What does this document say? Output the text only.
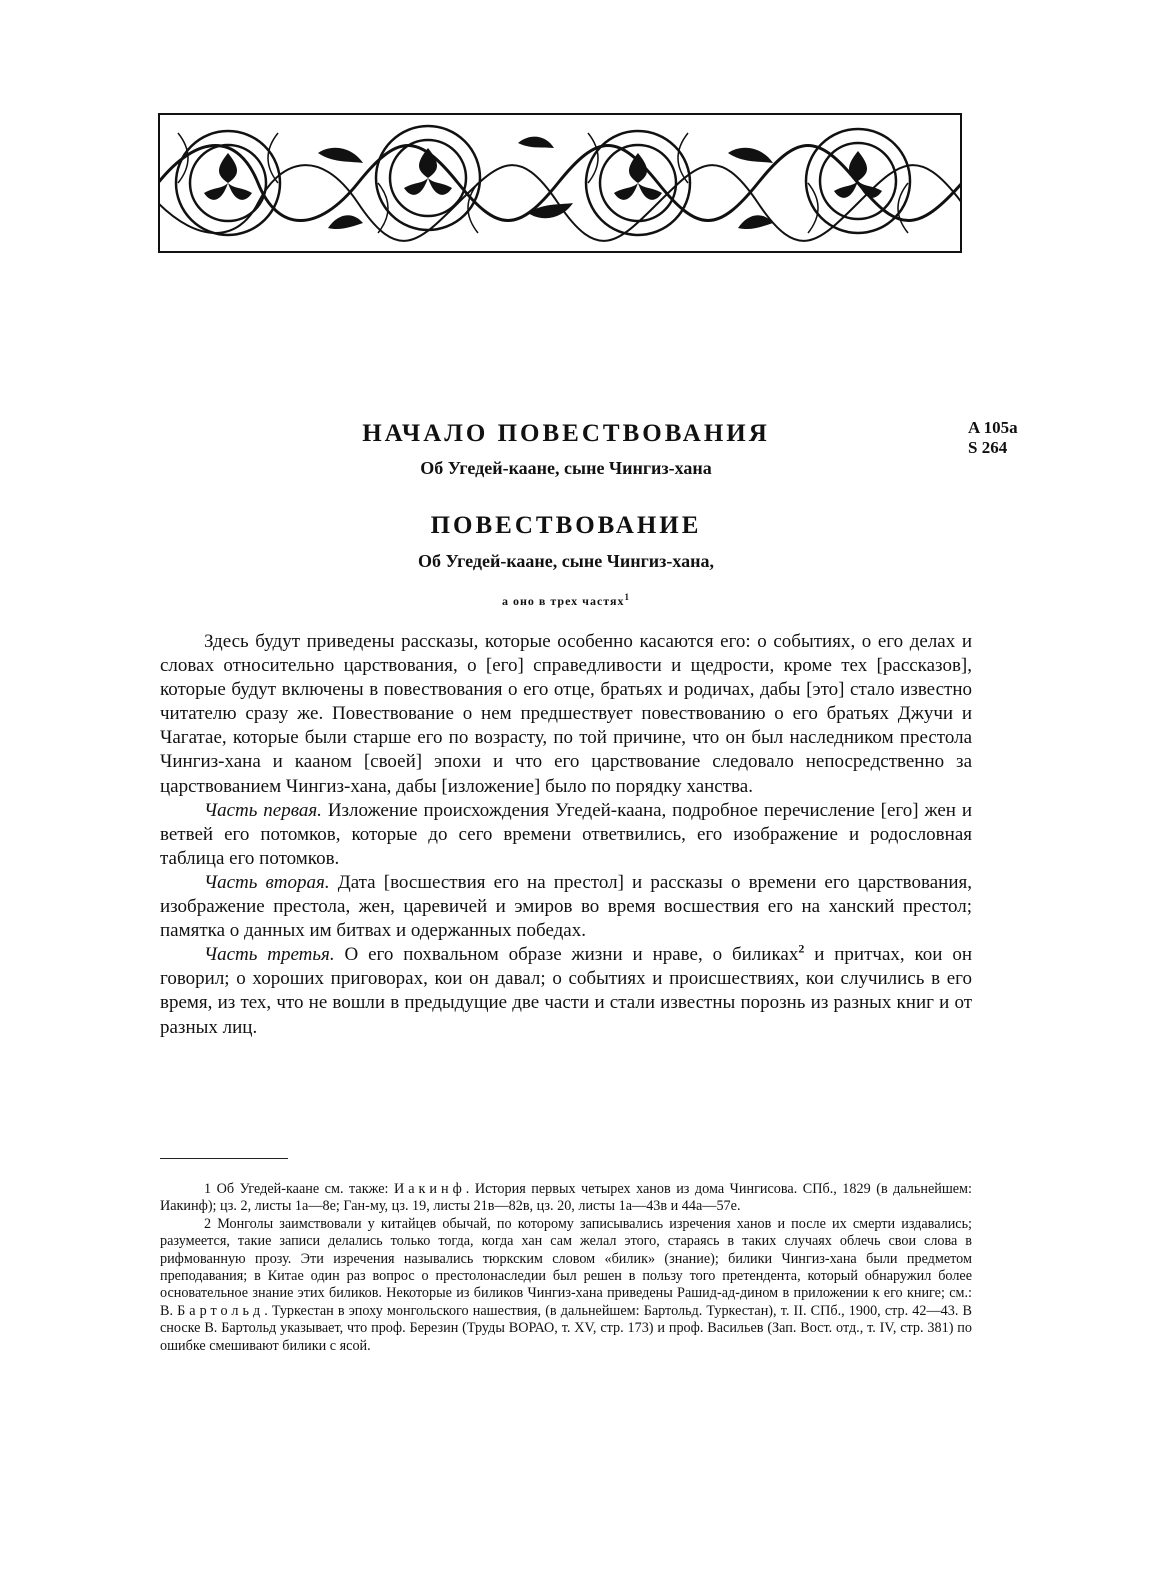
A 105a
S 264
НАЧАЛО ПОВЕСТВОВАНИЯ
Об Угедей-каане, сыне Чингиз-хана
ПОВЕСТВОВАНИЕ
Об Угедей-каане, сыне Чингиз-хана,
а оно в трех частях$^1$

Здесь будут приведены рассказы, которые особенно касаются его: о событиях, о его делах и словах относительно царствования, о [его] справедливости и щедрости, кроме тех [рассказов], которые будут включены в повествования о его отце, братьях и родичах, дабы [это] стало известно читателю сразу же. Повествование о нем предшествует повествованию о его братьях Джучи и Чагатае, которые были старше его по возрасту, по той причине, что он был наследником престола Чингиз-хана и кааном [своей] эпохи и что его царствование следовало непосредственно за царствованием Чингиз-хана, дабы [изложение] было по порядку ханства.

Часть первая. Изложение происхождения Угедей-каана, подробное перечисление [его] жен и ветвей его потомков, которые до сего времени ответвились, его изображение и родословная таблица его потомков.

Часть вторая. Дата [восшествия его на престол] и рассказы о времени его царствования, изображение престола, жен, царевичей и эмиров во время восшествия его на ханский престол; памятка о данных им битвах и одержанных победах.

Часть третья. О его похвальном образе жизни и нраве, о биликах$^2$ и притчах, кои он говорил; о хороших приговорах, кои он давал; о событиях и происшествиях, кои случились в его время, из тех, что не вошли в предыдущие две части и стали известны порознь из разных книг и от разных лиц.

1 Об Угедей-каане см. также: Иакинф. История первых четырех ханов из дома Чингисова. СПб., 1829 (в дальнейшем: Иакинф); цз. 2, листы 1а—8е; Ган-му, цз. 19, листы 21в—82в, цз. 20, листы 1а—43в и 44а—57е.

2 Монголы заимствовали у китайцев обычай, по которому записывались изречения ханов и после их смерти издавались; разумеется, такие записи делались только тогда, когда хан сам желал этого, стараясь в таких случаях облечь свои слова в рифмованную прозу. Эти изречения назывались тюркским словом «билик» (знание); билики Чингиз-хана были предметом преподавания; в Китае один раз вопрос о престолонаследии был решен в пользу того претендента, который обнаружил более основательное знание этих биликов. Некоторые из биликов Чингиз-хана приведены Рашид-ад-дином в приложении к его книге; см.: В. Бартольд. Туркестан в эпоху монгольского нашествия, (в дальнейшем: Бартольд. Туркестан), т. II. СПб., 1900, стр. 42—43. В сноске В. Бартольд указывает, что проф. Березин (Труды ВОРАО, т. XV, стр. 173) и проф. Васильев (Зап. Вост. отд., т. IV, стр. 381) по ошибке смешивают билики с ясой.
